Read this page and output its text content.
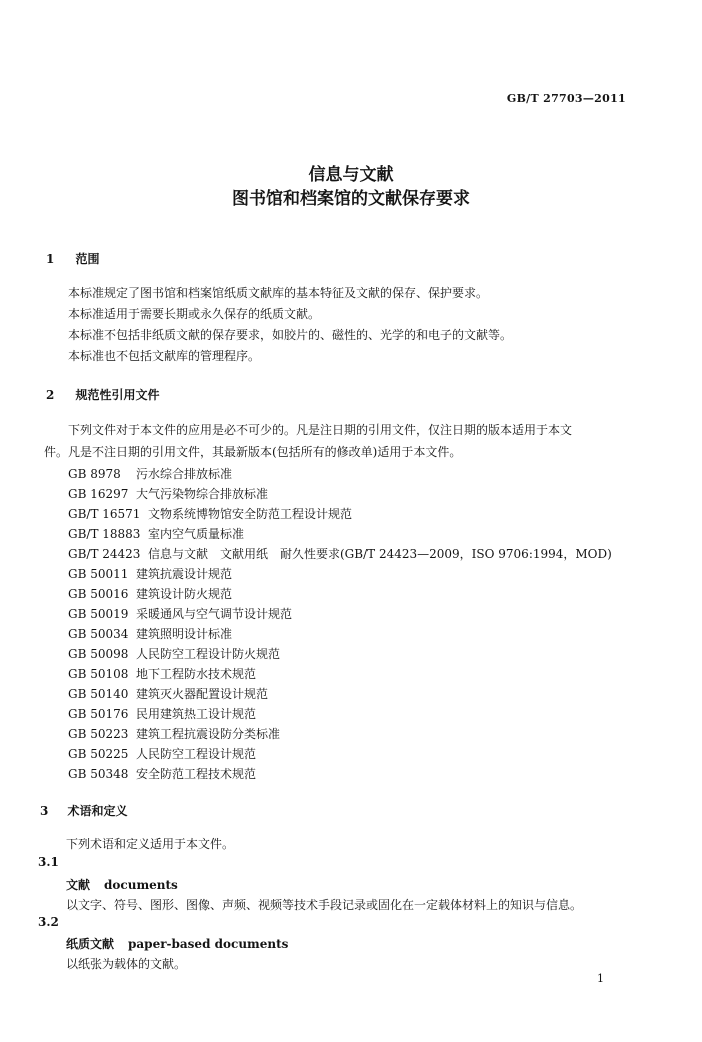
GB/T 27703—2011
信息与文献
图书馆和档案馆的文献保存要求
1 范围
本标准规定了图书馆和档案馆纸质文献库的基本特征及文献的保存、保护要求。
本标准适用于需要长期或永久保存的纸质文献。
本标准不包括非纸质文献的保存要求，如胶片的、磁性的、光学的和电子的文献等。
本标准也不包括文献库的管理程序。
2 规范性引用文件
下列文件对于本文件的应用是必不可少的。凡是注日期的引用文件，仅注日期的版本适用于本文
件。凡是不注日期的引用文件，其最新版本(包括所有的修改单)适用于本文件。
GB 8978 污水综合排放标准
GB 16297 大气污染物综合排放标准
GB/T 16571 文物系统博物馆安全防范工程设计规范
GB/T 18883 室内空气质量标准
GB/T 24423 信息与文献　文献用纸　耐久性要求(GB/T 24423—2009，ISO 9706:1994，MOD)
GB 50011 建筑抗震设计规范
GB 50016 建筑设计防火规范
GB 50019 采暖通风与空气调节设计规范
GB 50034 建筑照明设计标准
GB 50098 人民防空工程设计防火规范
GB 50108 地下工程防水技术规范
GB 50140 建筑灭火器配置设计规范
GB 50176 民用建筑热工设计规范
GB 50223 建筑工程抗震设防分类标准
GB 50225 人民防空工程设计规范
GB 50348 安全防范工程技术规范
3 术语和定义
下列术语和定义适用于本文件。
3.1
文献 documents
以文字、符号、图形、图像、声频、视频等技术手段记录或固化在一定载体材料上的知识与信息。
3.2
纸质文献 paper-based documents
以纸张为载体的文献。
1
